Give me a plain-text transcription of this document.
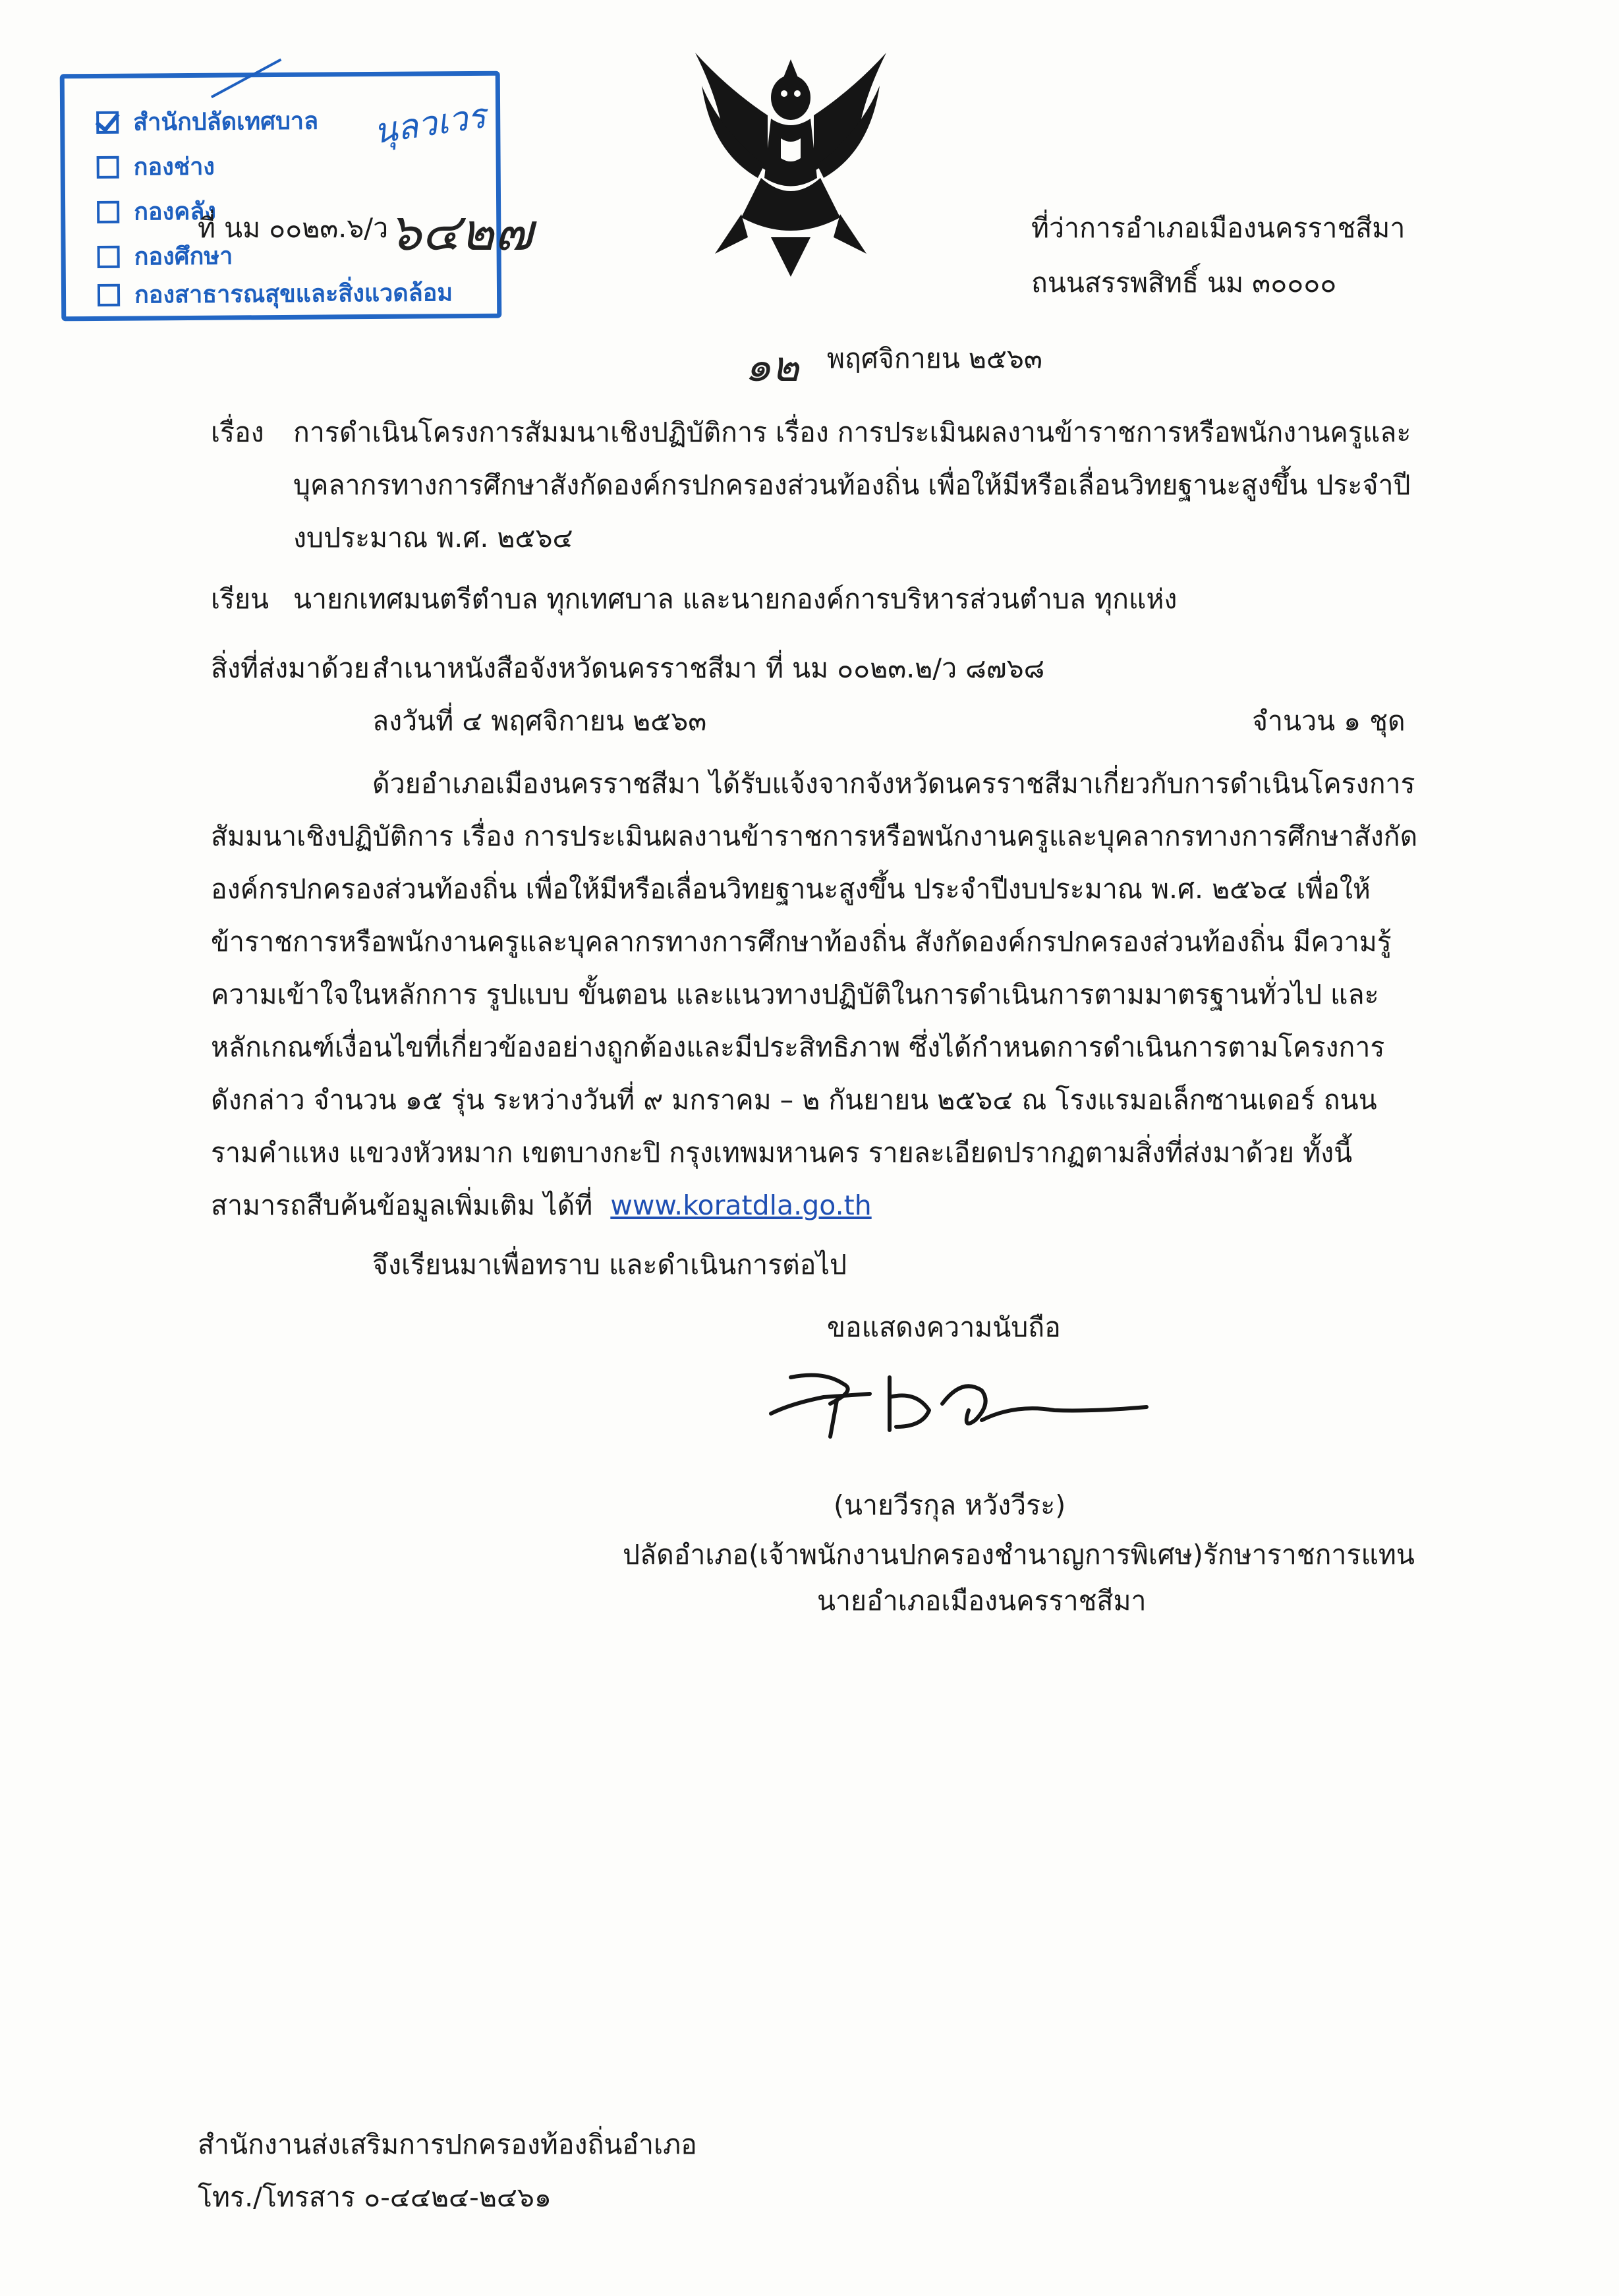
นุลวเวร
สำนักปลัดเทศบาล
กองช่าง
กองคลัง
กองศึกษา
กองสาธารณสุขและสิ่งแวดล้อม
ที่ นม ๐๐๒๓.๖/ว ๖๔๒๗	ที่ว่าการอำเภอเมืองนครราชสีมา
ถนนสรรพสิทธิ์ นม ๓๐๐๐๐
๑๒ พฤศจิกายน ๒๕๖๓
เรื่อง การดำเนินโครงการสัมมนาเชิงปฏิบัติการ เรื่อง การประเมินผลงานข้าราชการหรือพนักงานครูและ
บุคลากรทางการศึกษาสังกัดองค์กรปกครองส่วนท้องถิ่น เพื่อให้มีหรือเลื่อนวิทยฐานะสูงขึ้น ประจำปี
งบประมาณ พ.ศ. ๒๕๖๔
เรียน นายกเทศมนตรีตำบล ทุกเทศบาล และนายกองค์การบริหารส่วนตำบล ทุกแห่ง
สิ่งที่ส่งมาด้วย สำเนาหนังสือจังหวัดนครราชสีมา ที่ นม ๐๐๒๓.๒/ว ๘๗๖๘
ลงวันที่ ๔ พฤศจิกายน ๒๕๖๓	จำนวน ๑ ชุด
ด้วยอำเภอเมืองนครราชสีมา ได้รับแจ้งจากจังหวัดนครราชสีมาเกี่ยวกับการดำเนินโครงการ
สัมมนาเชิงปฏิบัติการ เรื่อง การประเมินผลงานข้าราชการหรือพนักงานครูและบุคลากรทางการศึกษาสังกัด
องค์กรปกครองส่วนท้องถิ่น เพื่อให้มีหรือเลื่อนวิทยฐานะสูงขึ้น ประจำปีงบประมาณ พ.ศ. ๒๕๖๔ เพื่อให้
ข้าราชการหรือพนักงานครูและบุคลากรทางการศึกษาท้องถิ่น สังกัดองค์กรปกครองส่วนท้องถิ่น มีความรู้
ความเข้าใจในหลักการ รูปแบบ ขั้นตอน และแนวทางปฏิบัติในการดำเนินการตามมาตรฐานทั่วไป และ
หลักเกณฑ์เงื่อนไขที่เกี่ยวข้องอย่างถูกต้องและมีประสิทธิภาพ ซึ่งได้กำหนดการดำเนินการตามโครงการ
ดังกล่าว จำนวน ๑๕ รุ่น ระหว่างวันที่ ๙ มกราคม – ๒ กันยายน ๒๕๖๔ ณ โรงแรมอเล็กซานเดอร์ ถนน
รามคำแหง แขวงหัวหมาก เขตบางกะปิ กรุงเทพมหานคร รายละเอียดปรากฏตามสิ่งที่ส่งมาด้วย ทั้งนี้
สามารถสืบค้นข้อมูลเพิ่มเติม ได้ที่ www.koratdla.go.th
จึงเรียนมาเพื่อทราบ และดำเนินการต่อไป
ขอแสดงความนับถือ
(นายวีรกุล หวังวีระ)
ปลัดอำเภอ(เจ้าพนักงานปกครองชำนาญการพิเศษ)รักษาราชการแทน
นายอำเภอเมืองนครราชสีมา
สำนักงานส่งเสริมการปกครองท้องถิ่นอำเภอ
โทร./โทรสาร ๐-๔๔๒๔-๒๔๖๑
